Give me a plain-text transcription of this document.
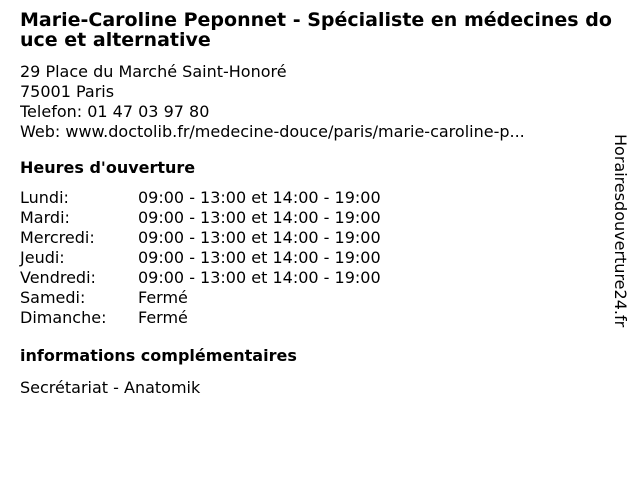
Marie-Caroline Peponnet - Spécialiste en médecines douce et alternative
29 Place du Marché Saint-Honoré
75001 Paris
Telefon: 01 47 03 97 80
Web: www.doctolib.fr/medecine-douce/paris/marie-caroline-p...
Heures d'ouverture
Lundi:	09:00 - 13:00 et 14:00 - 19:00
Mardi:	09:00 - 13:00 et 14:00 - 19:00
Mercredi:	09:00 - 13:00 et 14:00 - 19:00
Jeudi:	09:00 - 13:00 et 14:00 - 19:00
Vendredi:	09:00 - 13:00 et 14:00 - 19:00
Samedi:	Fermé
Dimanche:	Fermé
informations complémentaires
Secrétariat - Anatomik
Horairesdouverture24.fr
